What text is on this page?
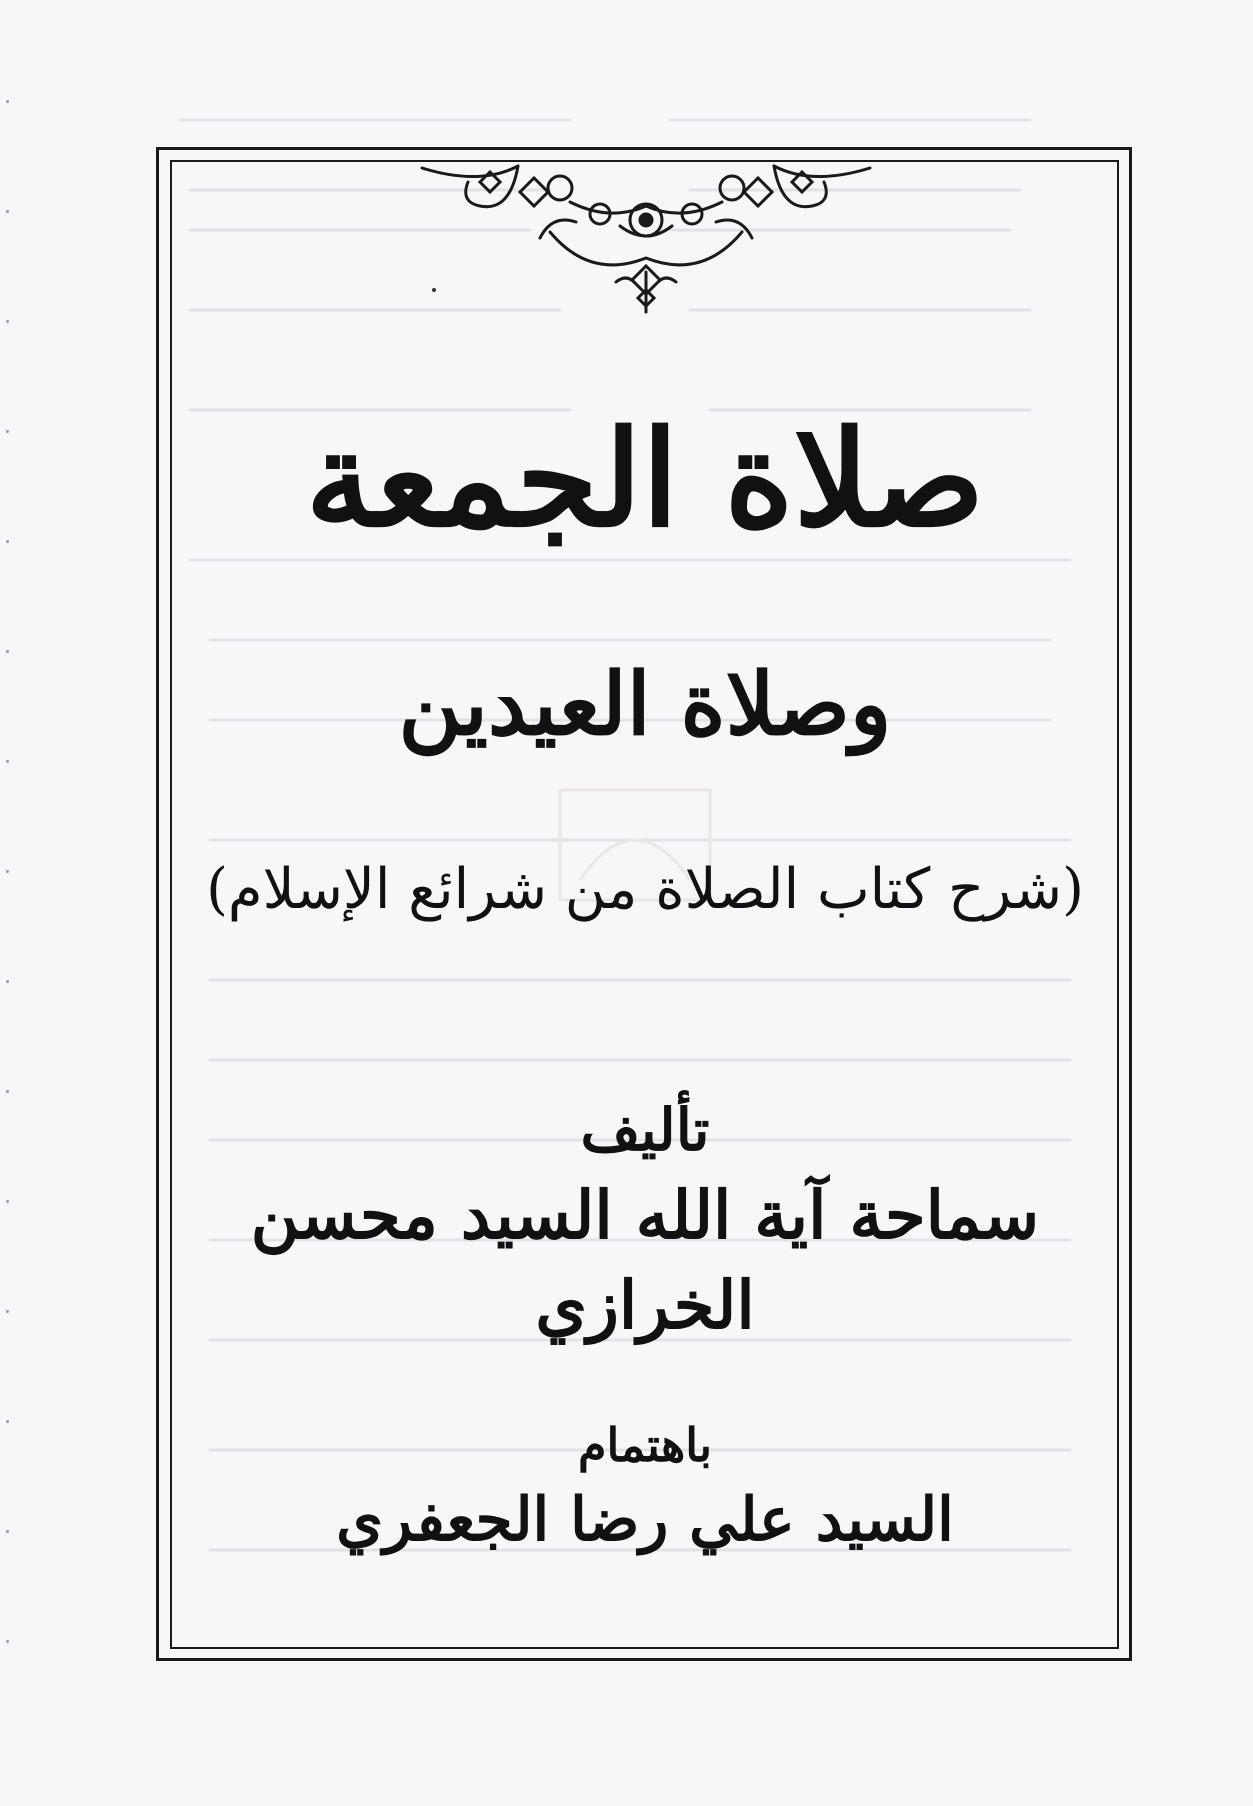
صلاة الجمعة
وصلاة العيدين
(شرح كتاب الصلاة من شرائع الإسلام)
تأليف
سماحة آية الله السيد محسن الخرازي
باهتمام
السيد علي رضا الجعفري
